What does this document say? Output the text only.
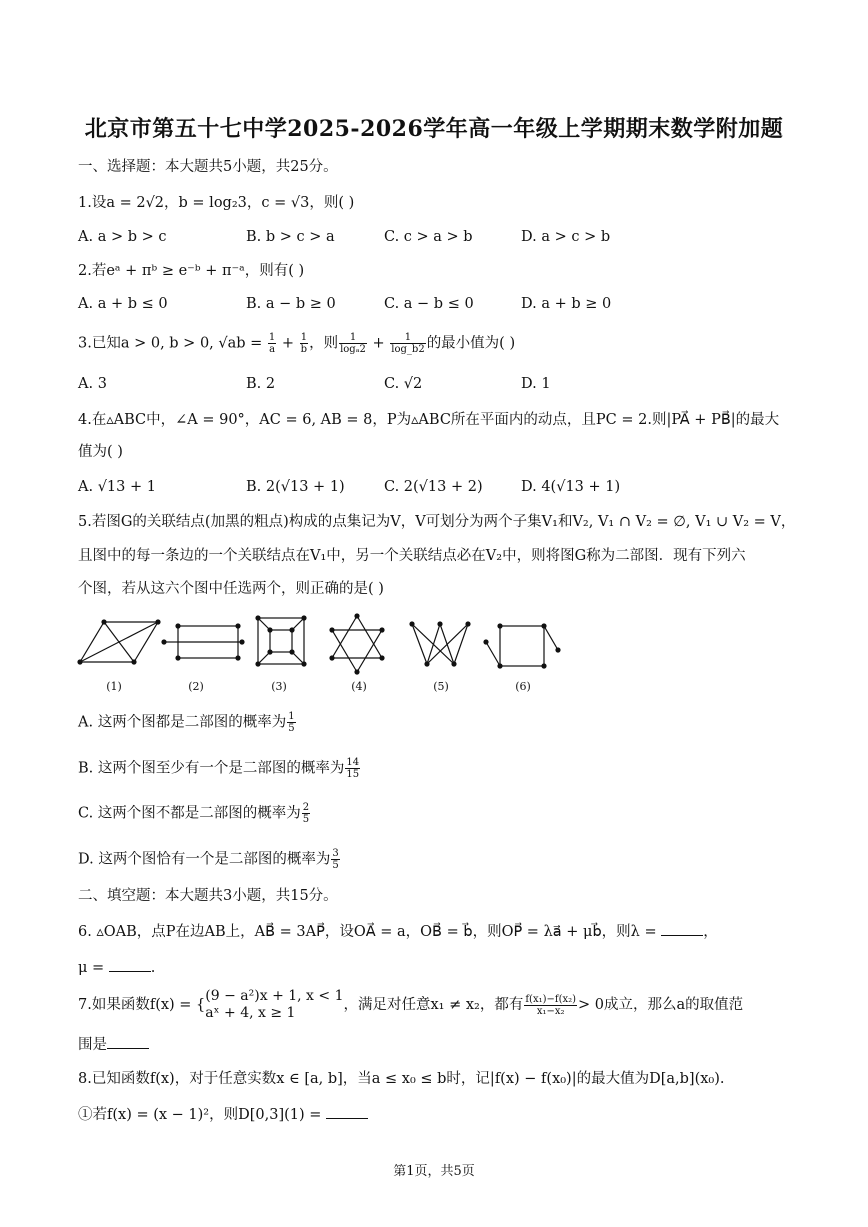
北京市第五十七中学2025-2026学年高一年级上学期期末数学附加题
一、选择题：本大题共5小题，共25分。
1.设a = 2√2，b = log₂3，c = √3，则( )
A. a > b > c	B. b > c > a	C. c > a > b	D. a > c > b
2.若eᵃ + πᵇ ≥ e⁻ᵇ + π⁻ᵃ，则有( )
A. a + b ≤ 0	B. a − b ≥ 0	C. a − b ≤ 0	D. a + b ≥ 0
3.已知a > 0, b > 0, $√ab = \frac{1}{a} + \frac{1}{b}$ ，则 $\frac{1}{\text{logₐ2}} + \frac{1}{\log\_b2}$ 的最小值为( )
A. 3	B. 2	C. √2	D. 1
4.在▵ABC中，∠A = 90°，AC = 6, AB = 8，P为▵ABC所在平面内的动点，且PC = 2.则|PA⃗ + PB⃗|的最大
值为( )
A. √13 + 1	B. 2(√13 + 1)	C. 2(√13 + 2)	D. 4(√13 + 1)
5.若图G的关联结点(加黑的粗点)构成的点集记为V，V可划分为两个子集V₁和V₂, V₁ ∩ V₂ = ∅, V₁ ∪ V₂ = V，
且图中的每一条边的一个关联结点在V₁中，另一个关联结点必在V₂中，则将图G称为二部图．现有下列六
个图，若从这六个图中任选两个，则正确的是( )
(1)	(2)	(3)	(4)	(5)	(6)
A. 这两个图都是二部图的概率为 $\frac{1}{5}$
B. 这两个图至少有一个是二部图的概率为 $\frac{14}{15}$
C. 这两个图不都是二部图的概率为 $\frac{2}{5}$
D. 这两个图恰有一个是二部图的概率为 $\frac{3}{5}$
二、填空题：本大题共3小题，共15分。
6. ▵OAB，点P在边AB上，AB⃗ = 3AP⃗，设OA⃗ = a，OB⃗ = b⃗，则OP⃗ = λa⃗ + μb⃗，则λ =	，
μ =	.
7.如果函数f(x) = {
(9 − a²)x + 1, x < 1
aˣ + 4, x ≥ 1	，满足对任意x₁ ≠ x₂，都有 $\frac{\text{f(x₁)−f(x₂)}}{\text{x₁−x₂}} > 0$成立，那么a的取值范
围是
8.已知函数f(x)，对于任意实数x ∈ [a, b]，当a ≤ x₀ ≤ b时，记|f(x) − f(x₀)|的最大值为D[a,b](x₀).
①若f(x) = (x − 1)²，则D[0,3](1) =
第1页，共5页
